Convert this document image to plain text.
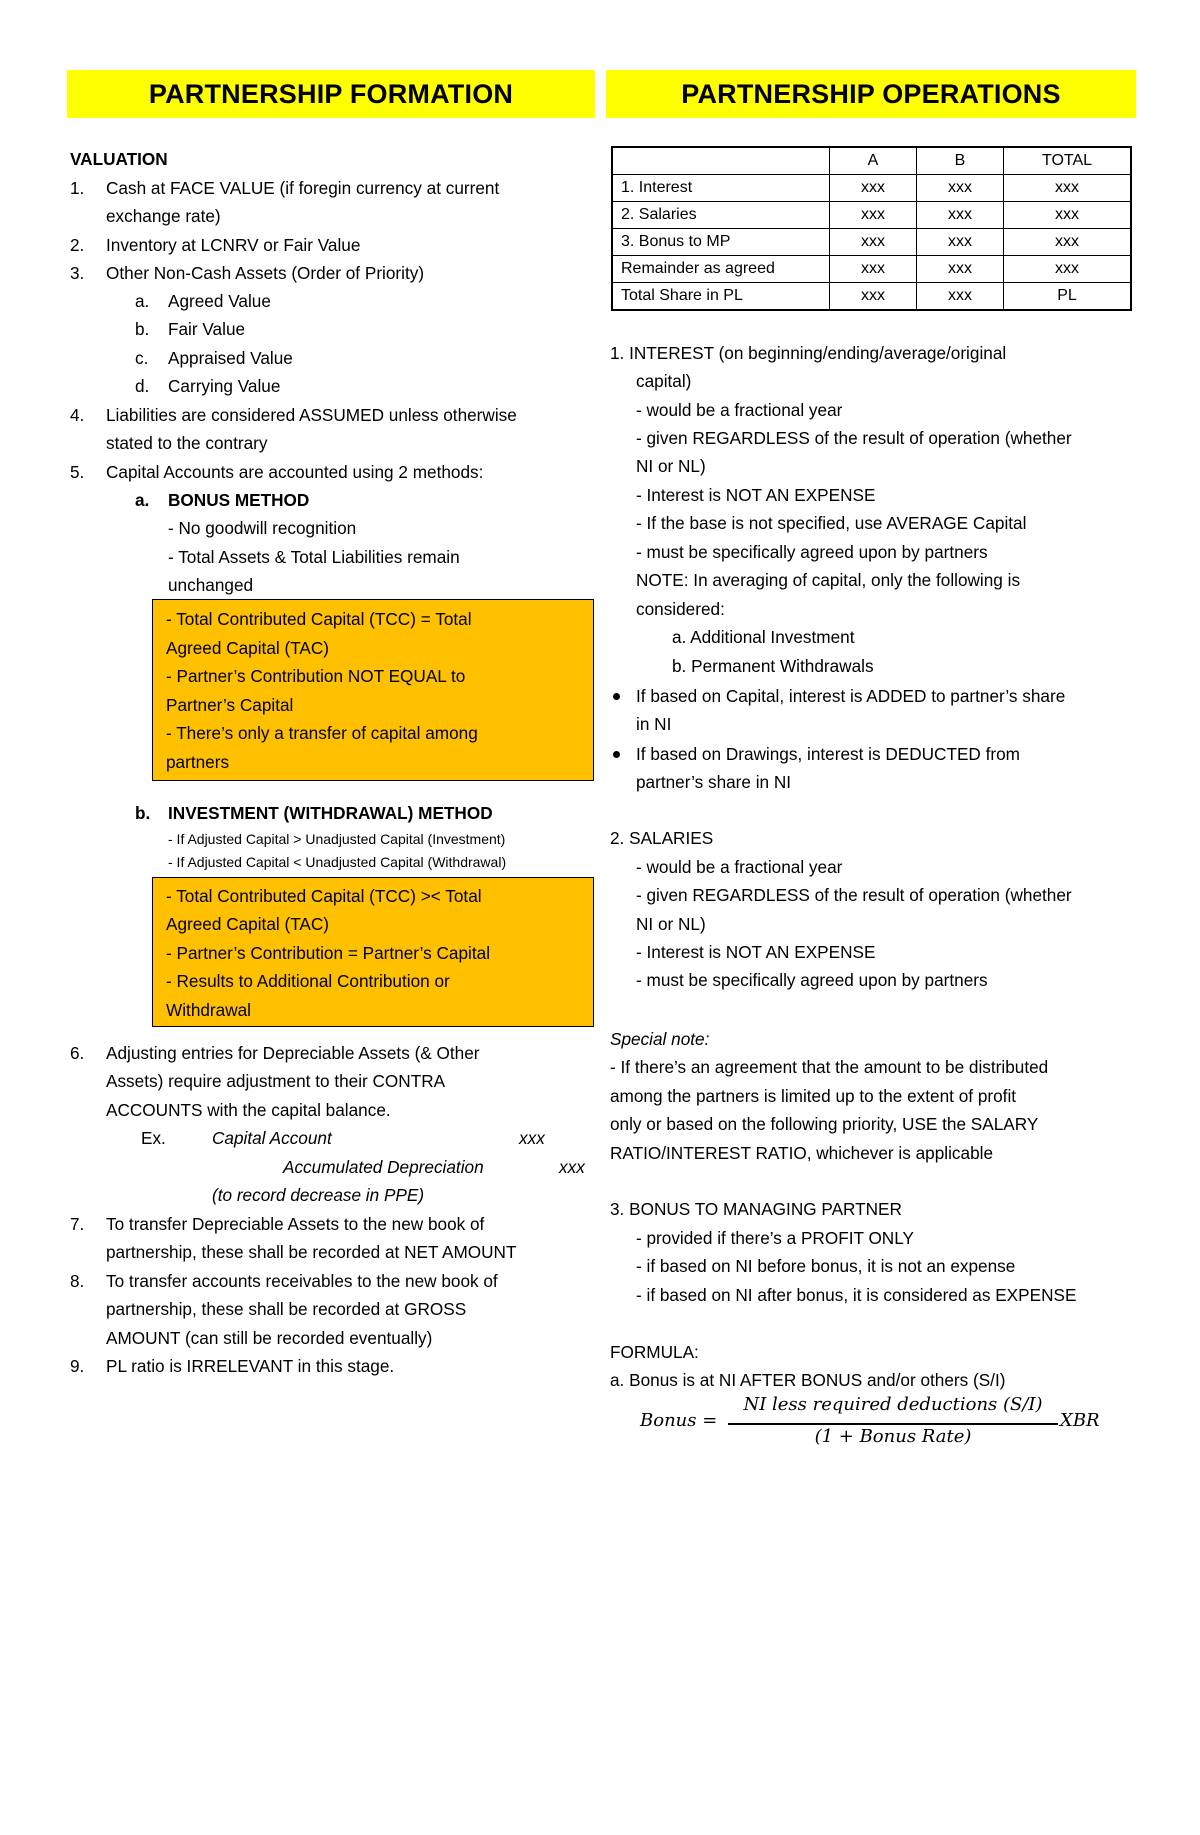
PARTNERSHIP FORMATION
VALUATION
1. Cash at FACE VALUE (if foregin currency at current
exchange rate)
2. Inventory at LCNRV or Fair Value
3. Other Non-Cash Assets (Order of Priority)
a. Agreed Value
b. Fair Value
c. Appraised Value
d. Carrying Value
4. Liabilities are considered ASSUMED unless otherwise
stated to the contrary
5. Capital Accounts are accounted using 2 methods:
a. BONUS METHOD
- No goodwill recognition
- Total Assets & Total Liabilities remain
unchanged
- Total Contributed Capital (TCC) = Total
Agreed Capital (TAC)
- Partner’s Contribution NOT EQUAL to
Partner’s Capital
- There’s only a transfer of capital among
partners
b. INVESTMENT (WITHDRAWAL) METHOD
- If Adjusted Capital > Unadjusted Capital (Investment)
- If Adjusted Capital < Unadjusted Capital (Withdrawal)
- Total Contributed Capital (TCC) >< Total
Agreed Capital (TAC)
- Partner’s Contribution = Partner’s Capital
- Results to Additional Contribution or
Withdrawal
6. Adjusting entries for Depreciable Assets (& Other
Assets) require adjustment to their CONTRA
ACCOUNTS with the capital balance.
Ex.	Capital Account	xxx
Accumulated Depreciation	xxx
(to record decrease in PPE)
7. To transfer Depreciable Assets to the new book of
partnership, these shall be recorded at NET AMOUNT
8. To transfer accounts receivables to the new book of
partnership, these shall be recorded at GROSS
AMOUNT (can still be recorded eventually)
9. PL ratio is IRRELEVANT in this stage.
PARTNERSHIP OPERATIONS
	A	B	TOTAL
1. Interest	xxx	xxx	xxx
2. Salaries	xxx	xxx	xxx
3. Bonus to MP	xxx	xxx	xxx
Remainder as agreed	xxx	xxx	xxx
Total Share in PL	xxx	xxx	PL
1. INTEREST (on beginning/ending/average/original
capital)
- would be a fractional year
- given REGARDLESS of the result of operation (whether
NI or NL)
- Interest is NOT AN EXPENSE
- If the base is not specified, use AVERAGE Capital
- must be specifically agreed upon by partners
NOTE: In averaging of capital, only the following is
considered:
a. Additional Investment
b. Permanent Withdrawals
If based on Capital, interest is ADDED to partner’s share
in NI
If based on Drawings, interest is DEDUCTED from
partner’s share in NI
2. SALARIES
- would be a fractional year
- given REGARDLESS of the result of operation (whether
NI or NL)
- Interest is NOT AN EXPENSE
- must be specifically agreed upon by partners
Special note:
- If there’s an agreement that the amount to be distributed
among the partners is limited up to the extent of profit
only or based on the following priority, USE the SALARY
RATIO/INTEREST RATIO, whichever is applicable
3. BONUS TO MANAGING PARTNER
- provided if there’s a PROFIT ONLY
- if based on NI before bonus, it is not an expense
- if based on NI after bonus, it is considered as EXPENSE
FORMULA:
a. Bonus is at NI AFTER BONUS and/or others (S/I)
Bonus =
NI less required deductions (S/I)
(1 + Bonus Rate)
XBR
